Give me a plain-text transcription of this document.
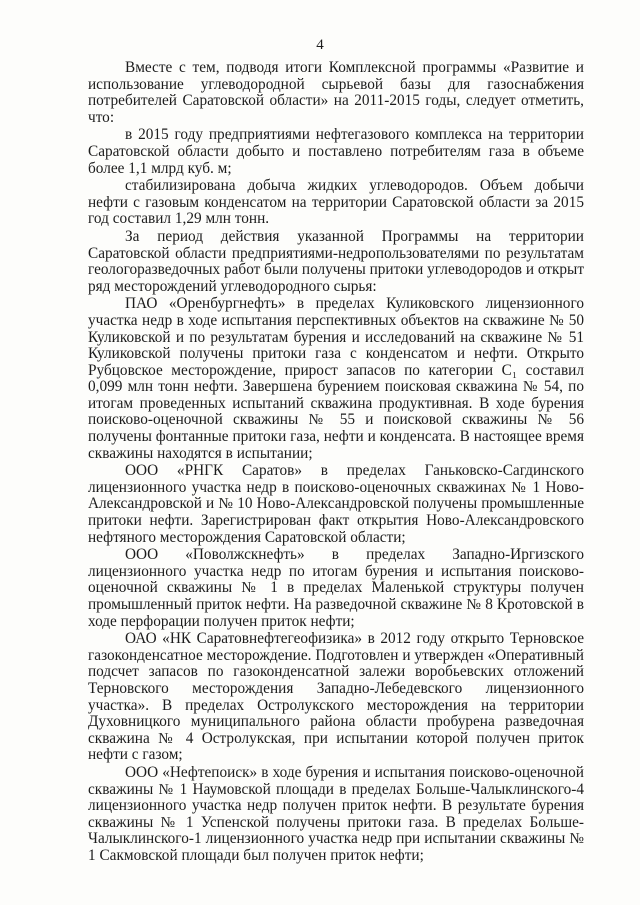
4

Вместе с тем, подводя итоги Комплексной программы «Развитие и использование углеводородной сырьевой базы для газоснабжения потребителей Саратовской области» на 2011-2015 годы, следует отметить, что:

в 2015 году предприятиями нефтегазового комплекса на территории Саратовской области добыто и поставлено потребителям газа в объеме более 1,1 млрд куб. м;

стабилизирована добыча жидких углеводородов. Объем добычи нефти с газовым конденсатом на территории Саратовской области за 2015 год составил 1,29 млн тонн.

За период действия указанной Программы на территории Саратовской области предприятиями-недропользователями по результатам геологоразведочных работ были получены притоки углеводородов и открыт ряд месторождений углеводородного сырья:

ПАО «Оренбургнефть» в пределах Куликовского лицензионного участка недр в ходе испытания перспективных объектов на скважине № 50 Куликовской и по результатам бурения и исследований на скважине № 51 Куликовской получены притоки газа с конденсатом и нефти. Открыто Рубцовское месторождение, прирост запасов по категории C₁ составил 0,099 млн тонн нефти. Завершена бурением поисковая скважина № 54, по итогам проведенных испытаний скважина продуктивная. В ходе бурения поисково-оценочной скважины № 55 и поисковой скважины № 56 получены фонтанные притоки газа, нефти и конденсата. В настоящее время скважины находятся в испытании;

ООО «РНГК Саратов» в пределах Ганьковско-Сагдинского лицензионного участка недр в поисково-оценочных скважинах № 1 Ново-Александровской и № 10 Ново-Александровской получены промышленные притоки нефти. Зарегистрирован факт открытия Ново-Александровского нефтяного месторождения Саратовской области;

ООО «Поволжскнефть» в пределах Западно-Иргизского лицензионного участка недр по итогам бурения и испытания поисково-оценочной скважины № 1 в пределах Маленькой структуры получен промышленный приток нефти. На разведочной скважине № 8 Кротовской в ходе перфорации получен приток нефти;

ОАО «НК Саратовнефтегеофизика» в 2012 году открыто Терновское газоконденсатное месторождение. Подготовлен и утвержден «Оперативный подсчет запасов по газоконденсатной залежи воробьевских отложений Терновского месторождения Западно-Лебедевского лицензионного участка». В пределах Остролукского месторождения на территории Духовницкого муниципального района области пробурена разведочная скважина № 4 Остролукская, при испытании которой получен приток нефти с газом;

ООО «Нефтепоиск» в ходе бурения и испытания поисково-оценочной скважины № 1 Наумовской площади в пределах Больше-Чалыклинского-4 лицензионного участка недр получен приток нефти. В результате бурения скважины № 1 Успенской получены притоки газа. В пределах Больше-Чалыклинского-1 лицензионного участка недр при испытании скважины № 1 Сакмовской площади был получен приток нефти;
